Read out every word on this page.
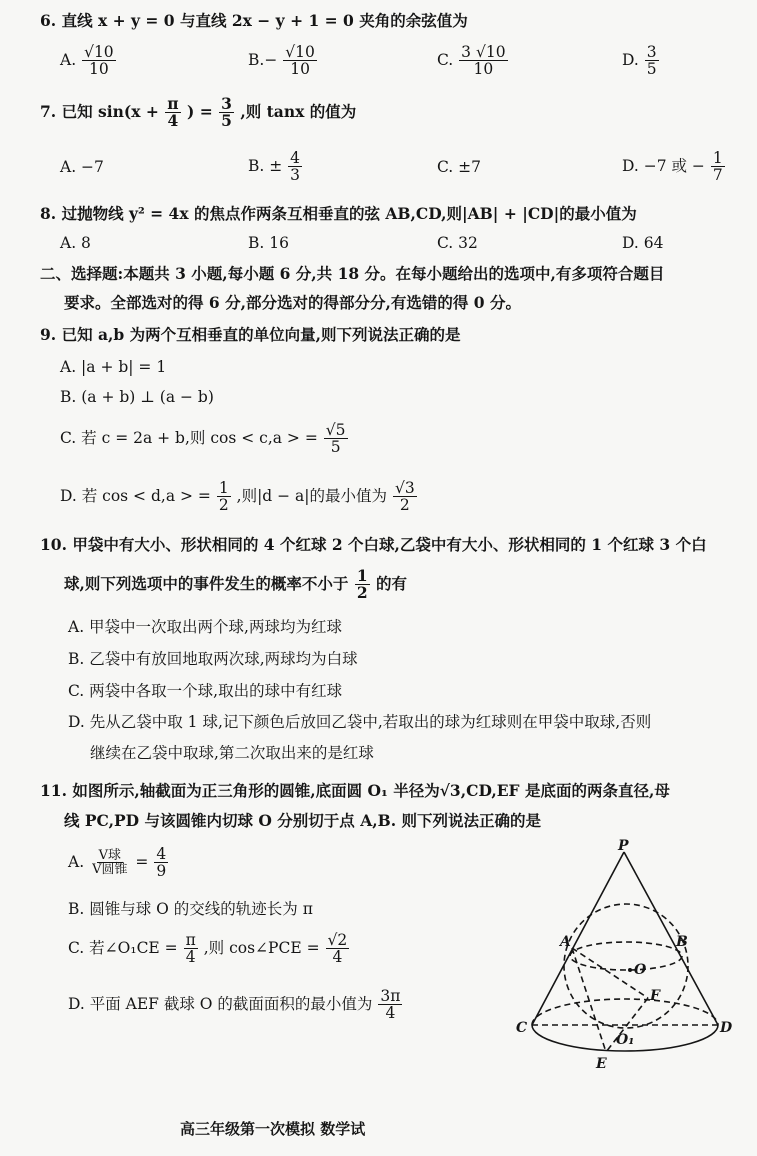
6. 直线 x + y = 0 与直线 2x − y + 1 = 0 夹角的余弦值为
A. $\frac{√10}{10}$	$B.- \frac{√10}{10}$	C. $\frac{3 √10}{10}$	D. $\frac{3}{5}$
7. 已知 $\sin(x + \frac{\pi}{4}$ ) = $\frac{3}{5}$ ,则 tanx 的值为
A. −7	B. ± $\frac{4}{3}$	C. ±7	D. −7 或 − $\frac{1}{7}$
8. 过抛物线 y² = 4x 的焦点作两条互相垂直的弦 AB,CD,则|AB| + |CD|的最小值为
A. 8	B. 16	C. 32	D. 64
二、选择题:本题共 3 小题,每小题 6 分,共 18 分。在每小题给出的选项中,有多项符合题目
要求。全部选对的得 6 分,部分选对的得部分分,有选错的得 0 分。
9. 已知 a,b 为两个互相垂直的单位向量,则下列说法正确的是
A. |a + b| = 1
B. (a + b) ⊥ (a − b)
C. 若 c = 2a + b,则 cos < c,a > = $\frac{√5}{5}$
D. 若 cos < d,a > = $\frac{1}{2}$ ,则|d − a|的最小值为 $\frac{√3}{2}$
10. 甲袋中有大小、形状相同的 4 个红球 2 个白球,乙袋中有大小、形状相同的 1 个红球 3 个白
球,则下列选项中的事件发生的概率不小于 $\frac{1}{2}$ 的有
A. 甲袋中一次取出两个球,两球均为红球
B. 乙袋中有放回地取两次球,两球均为白球
C. 两袋中各取一个球,取出的球中有红球
D. 先从乙袋中取 1 球,记下颜色后放回乙袋中,若取出的球为红球则在甲袋中取球,否则
继续在乙袋中取球,第二次取出来的是红球
11. 如图所示,轴截面为正三角形的圆锥,底面圆 O₁ 半径为√3,CD,EF 是底面的两条直径,母
线 PC,PD 与该圆锥内切球 O 分别切于点 A,B. 则下列说法正确的是
A. $\frac{\text{V球}}{\text{V圆锥}} = \frac{4}{9}$
B. 圆锥与球 O 的交线的轨迹长为 π
C. 若∠O₁CE = $\frac{\pi}{4}$ ,则 cos∠PCE = $\frac{√2}{4}$
D. 平面 AEF 截球 O 的截面面积的最小值为 $\frac{3\pi}{4}$
P
A	B
O
F
C	D
O₁
E
高三年级第一次模拟 数学试
